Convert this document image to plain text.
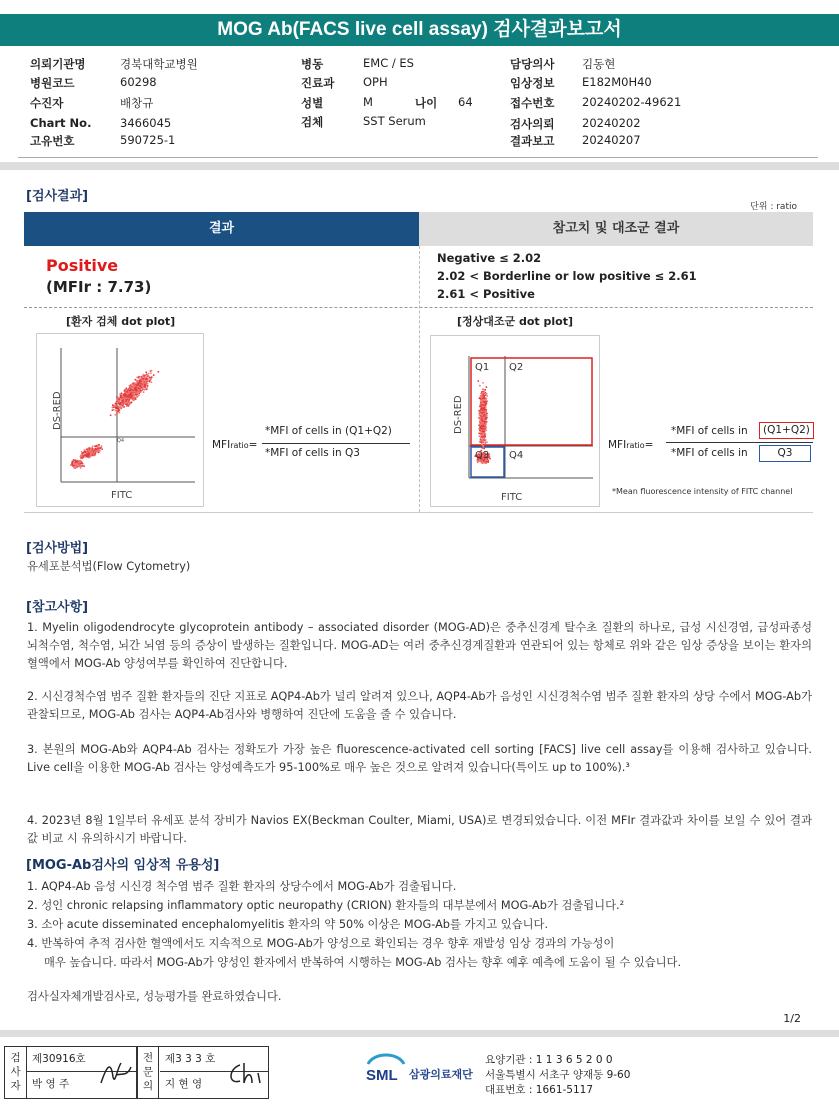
MOG Ab(FACS live cell assay) 검사결과보고서
의뢰기관명	경북대학교병원
병원코드	60298
수진자	배창규
Chart No. 3466045
고유번호	590725-1
병동	EMC / ES
진료과 OPH
성별	M	나이 64
검체	SST Serum
담당의사 김동현
임상정보 E182M0H40
접수번호 20240202-49621
검사의뢰 20240202
결과보고 20240207
[검사결과]
단위 : ratio
결과	참고치 및 대조군 결과
Positive
(MFIr : 7.73)
Negative ≤ 2.02
2.02 < Borderline or low positive ≤ 2.61
2.61 < Positive
[환자 검체 dot plot]
Q4
DS-RED
FITC
MFIratio=
*MFI of cells in (Q1+Q2)
*MFI of cells in Q3
[정상대조군 dot plot]
Q1 Q2
Q3 Q4
DS-RED
FITC
MFIratio=
*MFI of cells in	(Q1+Q2)
*MFI of cells in	Q3
*Mean fluorescence intensity of FITC channel
[검사방법]
유세포분석법(Flow Cytometry)
[참고사항]
1. Myelin oligodendrocyte glycoprotein antibody – associated disorder (MOG-AD)은 중추신경계 탈수초 질환의 하나로, 급성 시신경염, 급성파종성 뇌척수염, 척수염, 뇌간 뇌염 등의 증상이 발생하는 질환입니다. MOG-AD는 여러 중추신경계질환과 연관되어 있는 항체로 위와 같은 임상 증상을 보이는 환자의 혈액에서 MOG-Ab 양성여부를 확인하여 진단합니다.
2. 시신경척수염 범주 질환 환자들의 진단 지표로 AQP4-Ab가 널리 알려져 있으나, AQP4-Ab가 음성인 시신경척수염 범주 질환 환자의 상당 수에서 MOG-Ab가 관찰되므로, MOG-Ab 검사는 AQP4-Ab검사와 병행하여 진단에 도움을 줄 수 있습니다.
3. 본원의 MOG-Ab와 AQP4-Ab 검사는 정확도가 가장 높은 fluorescence-activated cell sorting [FACS] live cell assay를 이용해 검사하고 있습니다. Live cell을 이용한 MOG-Ab 검사는 양성예측도가 95-100%로 매우 높은 것으로 알려져 있습니다(특이도 up to 100%).³
4. 2023년 8월 1일부터 유세포 분석 장비가 Navios EX(Beckman Coulter, Miami, USA)로 변경되었습니다. 이전 MFIr 결과값과 차이를 보일 수 있어 결과값 비교 시 유의하시기 바랍니다.
[MOG-Ab검사의 임상적 유용성]
1. AQP4-Ab 음성 시신경 척수염 범주 질환 환자의 상당수에서 MOG-Ab가 검출됩니다.
2. 성인 chronic relapsing inflammatory optic neuropathy (CRION) 환자들의 대부분에서 MOG-Ab가 검출됩니다.²
3. 소아 acute disseminated encephalomyelitis 환자의 약 50% 이상은 MOG-Ab를 가지고 있습니다.
4. 반복하여 추적 검사한 혈액에서도 지속적으로 MOG-Ab가 양성으로 확인되는 경우 향후 재발성 임상 경과의 가능성이
매우 높습니다. 따라서 MOG-Ab가 양성인 환자에서 반복하여 시행하는 MOG-Ab 검사는 향후 예후 예측에 도움이 될 수 있습니다.
검사실자체개발검사로, 성능평가를 완료하였습니다.
1/2
검사자
제30916호
박 영 주
전문의
제3 3 3 호
지 현 영	SML 삼광의료재단
요양기관 : 1 1 3 6 5 2 0 0
서울특별시 서초구 양재동 9-60
대표번호 : 1661-5117
